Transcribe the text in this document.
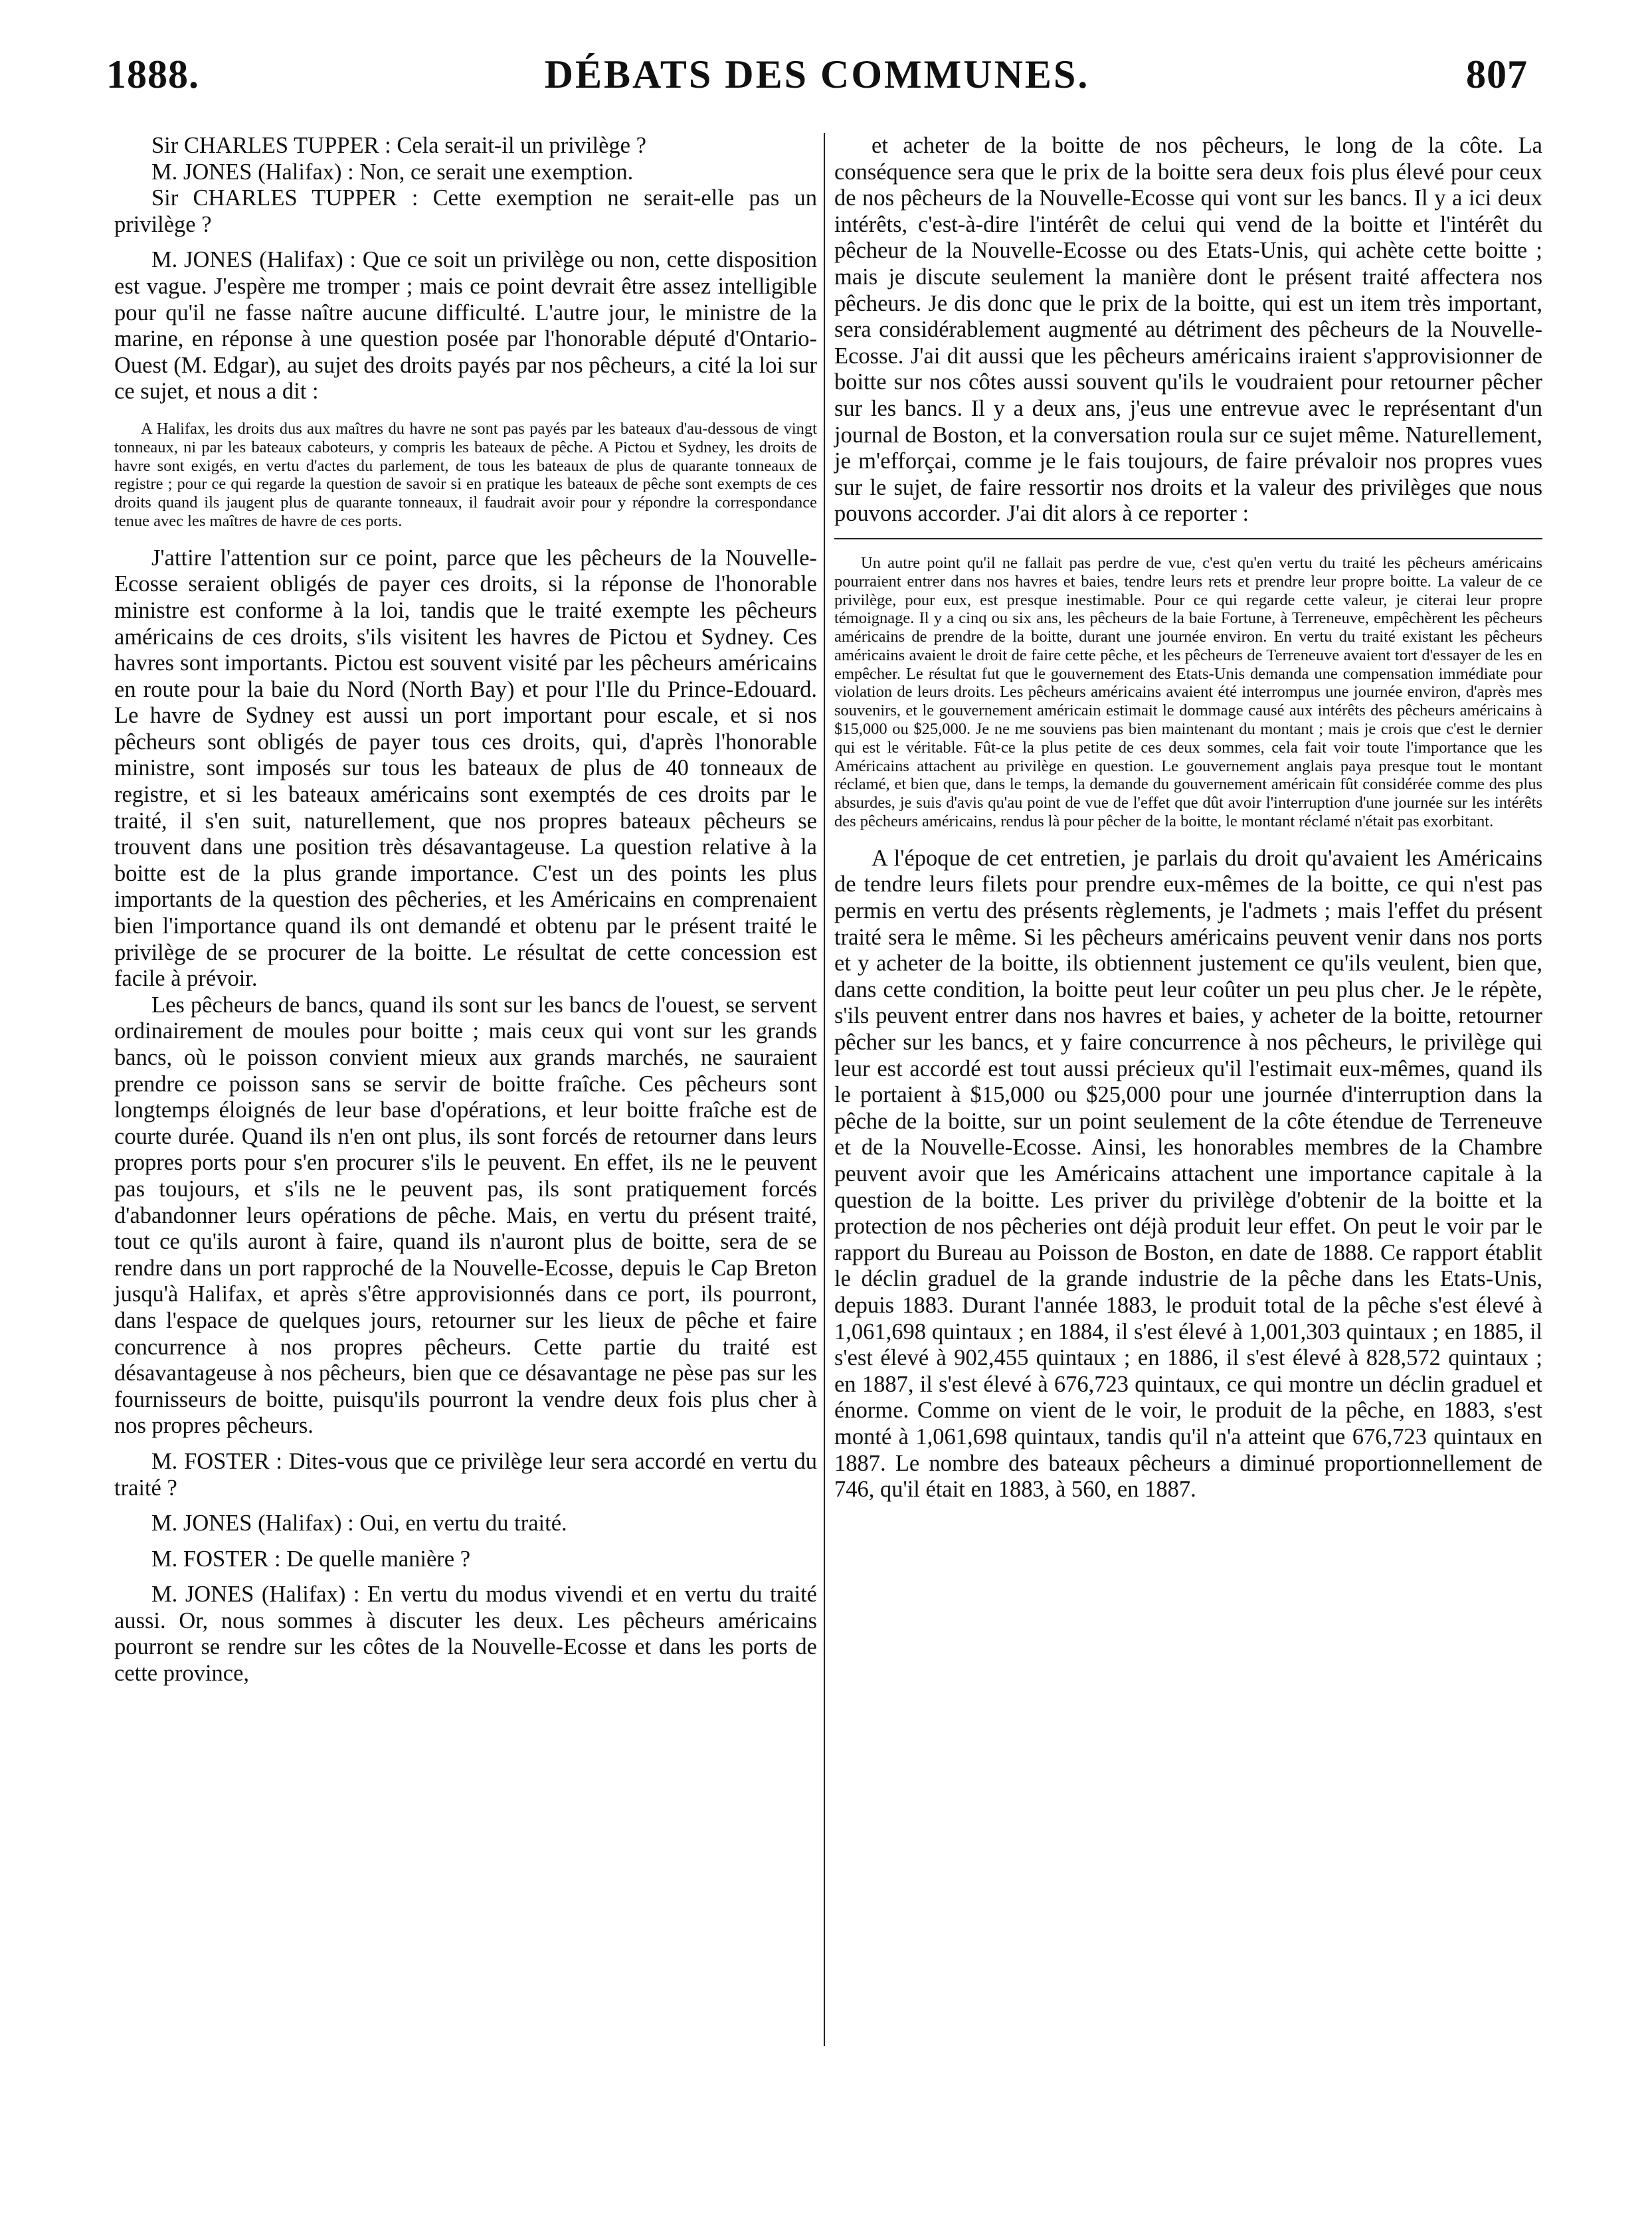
DÉBATS DES COMMUNES.
1888.	807

Sir CHARLES TUPPER : Cela serait-il un privilège ?

M. JONES (Halifax) : Non, ce serait une exemption.

Sir CHARLES TUPPER : Cette exemption ne serait-elle pas un privilège ?

M. JONES (Halifax) : Que ce soit un privilège ou non, cette disposition est vague. J'espère me tromper ; mais ce point devrait être assez intelligible pour qu'il ne fasse naître aucune difficulté. L'autre jour, le ministre de la marine, en réponse à une question posée par l'honorable député d'Ontario-Ouest (M. Edgar), au sujet des droits payés par nos pêcheurs, a cité la loi sur ce sujet, et nous a dit :

A Halifax, les droits dus aux maîtres du havre ne sont pas payés par les bateaux d'au-dessous de vingt tonneaux, ni par les bateaux caboteurs, y compris les bateaux de pêche. A Pictou et Sydney, les droits de havre sont exigés, en vertu d'actes du parlement, de tous les bateaux de plus de quarante tonneaux de registre ; pour ce qui regarde la question de savoir si en pratique les bateaux de pêche sont exempts de ces droits quand ils jaugent plus de quarante tonneaux, il faudrait avoir pour y répondre la correspondance tenue avec les maîtres de havre de ces ports.

J'attire l'attention sur ce point, parce que les pêcheurs de la Nouvelle-Ecosse seraient obligés de payer ces droits, si la réponse de l'honorable ministre est conforme à la loi, tandis que le traité exempte les pêcheurs américains de ces droits, s'ils visitent les havres de Pictou et Sydney. Ces havres sont importants. Pictou est souvent visité par les pêcheurs américains en route pour la baie du Nord (North Bay) et pour l'Ile du Prince-Edouard. Le havre de Sydney est aussi un port important pour escale, et si nos pêcheurs sont obligés de payer tous ces droits, qui, d'après l'honorable ministre, sont imposés sur tous les bateaux de plus de 40 tonneaux de registre, et si les bateaux américains sont exemptés de ces droits par le traité, il s'en suit, naturellement, que nos propres bateaux pêcheurs se trouvent dans une position très désavantageuse. La question relative à la boitte est de la plus grande importance. C'est un des points les plus importants de la question des pêcheries, et les Américains en comprenaient bien l'importance quand ils ont demandé et obtenu par le présent traité le privilège de se procurer de la boitte. Le résultat de cette concession est facile à prévoir.

Les pêcheurs de bancs, quand ils sont sur les bancs de l'ouest, se servent ordinairement de moules pour boitte ; mais ceux qui vont sur les grands bancs, où le poisson convient mieux aux grands marchés, ne sauraient prendre ce poisson sans se servir de boitte fraîche. Ces pêcheurs sont longtemps éloignés de leur base d'opérations, et leur boitte fraîche est de courte durée. Quand ils n'en ont plus, ils sont forcés de retourner dans leurs propres ports pour s'en procurer s'ils le peuvent. En effet, ils ne le peuvent pas toujours, et s'ils ne le peuvent pas, ils sont pratiquement forcés d'abandonner leurs opérations de pêche. Mais, en vertu du présent traité, tout ce qu'ils auront à faire, quand ils n'auront plus de boitte, sera de se rendre dans un port rapproché de la Nouvelle-Ecosse, depuis le Cap Breton jusqu'à Halifax, et après s'être approvisionnés dans ce port, ils pourront, dans l'espace de quelques jours, retourner sur les lieux de pêche et faire concurrence à nos propres pêcheurs. Cette partie du traité est désavantageuse à nos pêcheurs, bien que ce désavantage ne pèse pas sur les fournisseurs de boitte, puisqu'ils pourront la vendre deux fois plus cher à nos propres pêcheurs.

M. FOSTER : Dites-vous que ce privilège leur sera accordé en vertu du traité ?

M. JONES (Halifax) : Oui, en vertu du traité.

M. FOSTER : De quelle manière ?

M. JONES (Halifax) : En vertu du modus vivendi et en vertu du traité aussi. Or, nous sommes à discuter les deux. Les pêcheurs américains pourront se rendre sur les côtes de la Nouvelle-Ecosse et dans les ports de cette province,

et acheter de la boitte de nos pêcheurs, le long de la côte. La conséquence sera que le prix de la boitte sera deux fois plus élevé pour ceux de nos pêcheurs de la Nouvelle-Ecosse qui vont sur les bancs. Il y a ici deux intérêts, c'est-à-dire l'intérêt de celui qui vend de la boitte et l'intérêt du pêcheur de la Nouvelle-Ecosse ou des Etats-Unis, qui achète cette boitte ; mais je discute seulement la manière dont le présent traité affectera nos pêcheurs. Je dis donc que le prix de la boitte, qui est un item très important, sera considérablement augmenté au détriment des pêcheurs de la Nouvelle-Ecosse. J'ai dit aussi que les pêcheurs américains iraient s'approvisionner de boitte sur nos côtes aussi souvent qu'ils le voudraient pour retourner pêcher sur les bancs. Il y a deux ans, j'eus une entrevue avec le représentant d'un journal de Boston, et la conversation roula sur ce sujet même. Naturellement, je m'efforçai, comme je le fais toujours, de faire prévaloir nos propres vues sur le sujet, de faire ressortir nos droits et la valeur des privilèges que nous pouvons accorder. J'ai dit alors à ce reporter :

Un autre point qu'il ne fallait pas perdre de vue, c'est qu'en vertu du traité les pêcheurs américains pourraient entrer dans nos havres et baies, tendre leurs rets et prendre leur propre boitte. La valeur de ce privilège, pour eux, est presque inestimable. Pour ce qui regarde cette valeur, je citerai leur propre témoignage. Il y a cinq ou six ans, les pêcheurs de la baie Fortune, à Terreneuve, empêchèrent les pêcheurs américains de prendre de la boitte, durant une journée environ. En vertu du traité existant les pêcheurs américains avaient le droit de faire cette pêche, et les pêcheurs de Terreneuve avaient tort d'essayer de les en empêcher. Le résultat fut que le gouvernement des Etats-Unis demanda une compensation immédiate pour violation de leurs droits. Les pêcheurs américains avaient été interrompus une journée environ, d'après mes souvenirs, et le gouvernement américain estimait le dommage causé aux intérêts des pêcheurs américains à $15,000 ou $25,000. Je ne me souviens pas bien maintenant du montant ; mais je crois que c'est le dernier qui est le véritable. Fût-ce la plus petite de ces deux sommes, cela fait voir toute l'importance que les Américains attachent au privilège en question. Le gouvernement anglais paya presque tout le montant réclamé, et bien que, dans le temps, la demande du gouvernement américain fût considérée comme des plus absurdes, je suis d'avis qu'au point de vue de l'effet que dût avoir l'interruption d'une journée sur les intérêts des pêcheurs américains, rendus là pour pêcher de la boitte, le montant réclamé n'était pas exorbitant.

A l'époque de cet entretien, je parlais du droit qu'avaient les Américains de tendre leurs filets pour prendre eux-mêmes de la boitte, ce qui n'est pas permis en vertu des présents règlements, je l'admets ; mais l'effet du présent traité sera le même. Si les pêcheurs américains peuvent venir dans nos ports et y acheter de la boitte, ils obtiennent justement ce qu'ils veulent, bien que, dans cette condition, la boitte peut leur coûter un peu plus cher. Je le répète, s'ils peuvent entrer dans nos havres et baies, y acheter de la boitte, retourner pêcher sur les bancs, et y faire concurrence à nos pêcheurs, le privilège qui leur est accordé est tout aussi précieux qu'il l'estimait eux-mêmes, quand ils le portaient à $15,000 ou $25,000 pour une journée d'interruption dans la pêche de la boitte, sur un point seulement de la côte étendue de Terreneuve et de la Nouvelle-Ecosse. Ainsi, les honorables membres de la Chambre peuvent avoir que les Américains attachent une importance capitale à la question de la boitte. Les priver du privilège d'obtenir de la boitte et la protection de nos pêcheries ont déjà produit leur effet. On peut le voir par le rapport du Bureau au Poisson de Boston, en date de 1888. Ce rapport établit le déclin graduel de la grande industrie de la pêche dans les Etats-Unis, depuis 1883. Durant l'année 1883, le produit total de la pêche s'est élevé à 1,061,698 quintaux ; en 1884, il s'est élevé à 1,001,303 quintaux ; en 1885, il s'est élevé à 902,455 quintaux ; en 1886, il s'est élevé à 828,572 quintaux ; en 1887, il s'est élevé à 676,723 quintaux, ce qui montre un déclin graduel et énorme. Comme on vient de le voir, le produit de la pêche, en 1883, s'est monté à 1,061,698 quintaux, tandis qu'il n'a atteint que 676,723 quintaux en 1887. Le nombre des bateaux pêcheurs a diminué proportionnellement de 746, qu'il était en 1883, à 560, en 1887.
